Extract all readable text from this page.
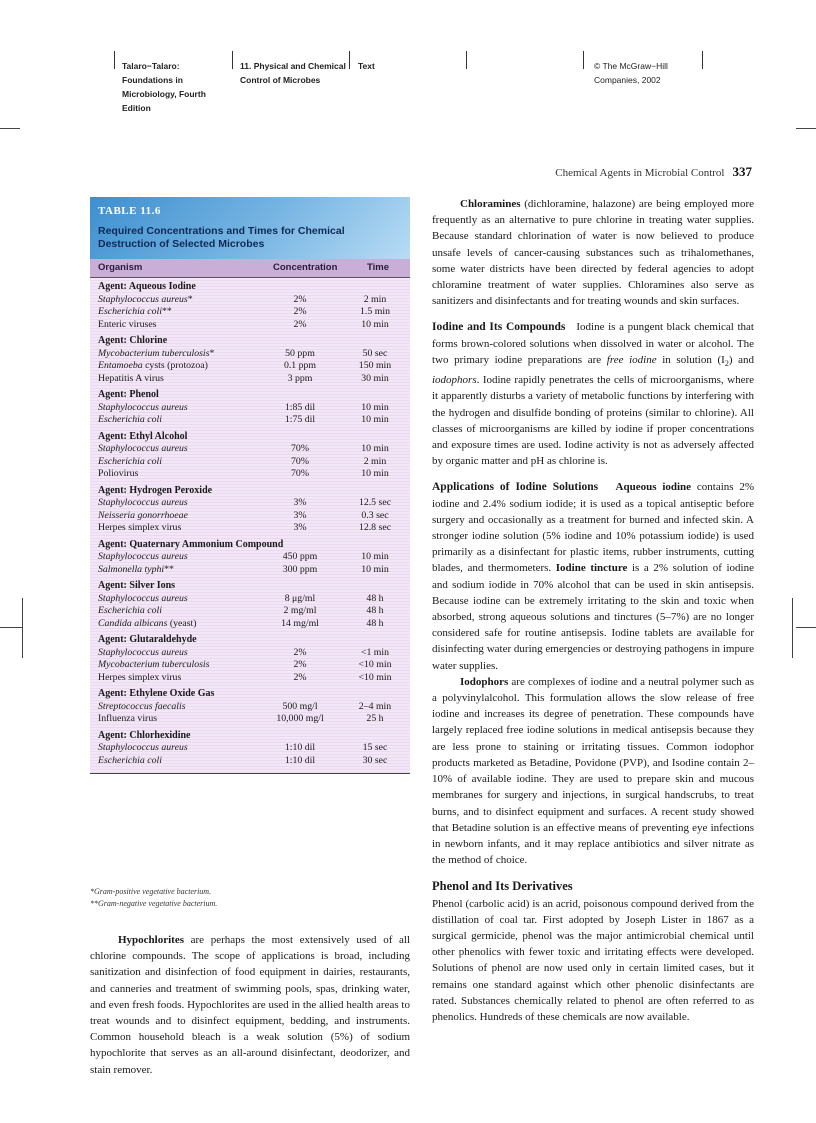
Talaro−Talaro: Foundations in Microbiology, Fourth Edition
11. Physical and Chemical Control of Microbes
Text	© The McGraw−Hill Companies, 2002
Chemical Agents in Microbial Control 337
TABLE 11.6
Required Concentrations and Times for Chemical Destruction of Selected Microbes
Organism	Concentration	Time
Agent: Aqueous Iodine
Staphylococcus aureus*	2%	2 min
Escherichia coli**	2%	1.5 min
Enteric viruses	2%	10 min
Agent: Chlorine
Mycobacterium tuberculosis*	50 ppm	50 sec
Entamoeba cysts (protozoa)	0.1 ppm	150 min
Hepatitis A virus	3 ppm	30 min
Agent: Phenol
Staphylococcus aureus	1:85 dil	10 min
Escherichia coli	1:75 dil	10 min
Agent: Ethyl Alcohol
Staphylococcus aureus	70%	10 min
Escherichia coli	70%	2 min
Poliovirus	70%	10 min
Agent: Hydrogen Peroxide
Staphylococcus aureus	3%	12.5 sec
Neisseria gonorrhoeae	3%	0.3 sec
Herpes simplex virus	3%	12.8 sec
Agent: Quaternary Ammonium Compound
Staphylococcus aureus	450 ppm	10 min
Salmonella typhi**	300 ppm	10 min
Agent: Silver Ions
Staphylococcus aureus	8 μg/ml	48 h
Escherichia coli	2 mg/ml	48 h
Candida albicans (yeast)	14 mg/ml	48 h
Agent: Glutaraldehyde
Staphylococcus aureus	2%	<1 min
Mycobacterium tuberculosis	2%	<10 min
Herpes simplex virus	2%	<10 min
Agent: Ethylene Oxide Gas
Streptococcus faecalis	500 mg/l	2–4 min
Influenza virus	10,000 mg/l	25 h
Agent: Chlorhexidine
Staphylococcus aureus	1:10 dil	15 sec
Escherichia coli	1:10 dil	30 sec
*Gram-positive vegetative bacterium.
**Gram-negative vegetative bacterium.

Hypochlorites are perhaps the most extensively used of all chlorine compounds. The scope of applications is broad, including sanitization and disinfection of food equipment in dairies, restaurants, and canneries and treatment of swimming pools, spas, drinking water, and even fresh foods. Hypochlorites are used in the allied health areas to treat wounds and to disinfect equipment, bedding, and instruments. Common household bleach is a weak solution (5%) of sodium hypochlorite that serves as an all-around disinfectant, deodorizer, and stain remover.

Chloramines (dichloramine, halazone) are being employed more frequently as an alternative to pure chlorine in treating water supplies. Because standard chlorination of water is now believed to produce unsafe levels of cancer-causing substances such as trihalomethanes, some water districts have been directed by federal agencies to adopt chloramine treatment of water supplies. Chloramines also serve as sanitizers and disinfectants and for treating wounds and skin surfaces.

Iodine and Its Compounds Iodine is a pungent black chemical that forms brown-colored solutions when dissolved in water or alcohol. The two primary iodine preparations are free iodine in solution $(I_2)$ and iodophors. Iodine rapidly penetrates the cells of microorganisms, where it apparently disturbs a variety of metabolic functions by interfering with the hydrogen and disulfide bonding of proteins (similar to chlorine). All classes of microorganisms are killed by iodine if proper concentrations and exposure times are used. Iodine activity is not as adversely affected by organic matter and pH as chlorine is.

Applications of Iodine Solutions Aqueous iodine contains 2% iodine and 2.4% sodium iodide; it is used as a topical antiseptic before surgery and occasionally as a treatment for burned and infected skin. A stronger iodine solution (5% iodine and 10% potassium iodide) is used primarily as a disinfectant for plastic items, rubber instruments, cutting blades, and thermometers. Iodine tincture is a 2% solution of iodine and sodium iodide in 70% alcohol that can be used in skin antisepsis. Because iodine can be extremely irritating to the skin and toxic when absorbed, strong aqueous solutions and tinctures (5–7%) are no longer considered safe for routine antisepsis. Iodine tablets are available for disinfecting water during emergencies or destroying pathogens in impure water supplies.

Iodophors are complexes of iodine and a neutral polymer such as a polyvinylalcohol. This formulation allows the slow release of free iodine and increases its degree of penetration. These compounds have largely replaced free iodine solutions in medical antisepsis because they are less prone to staining or irritating tissues. Common iodophor products marketed as Betadine, Povidone (PVP), and Isodine contain 2–10% of available iodine. They are used to prepare skin and mucous membranes for surgery and injections, in surgical handscrubs, to treat burns, and to disinfect equipment and surfaces. A recent study showed that Betadine solution is an effective means of preventing eye infections in newborn infants, and it may replace antibiotics and silver nitrate as the method of choice.

Phenol and Its Derivatives

Phenol (carbolic acid) is an acrid, poisonous compound derived from the distillation of coal tar. First adopted by Joseph Lister in 1867 as a surgical germicide, phenol was the major antimicrobial chemical until other phenolics with fewer toxic and irritating effects were developed. Solutions of phenol are now used only in certain limited cases, but it remains one standard against which other phenolic disinfectants are rated. Substances chemically related to phenol are often referred to as phenolics. Hundreds of these chemicals are now available.
